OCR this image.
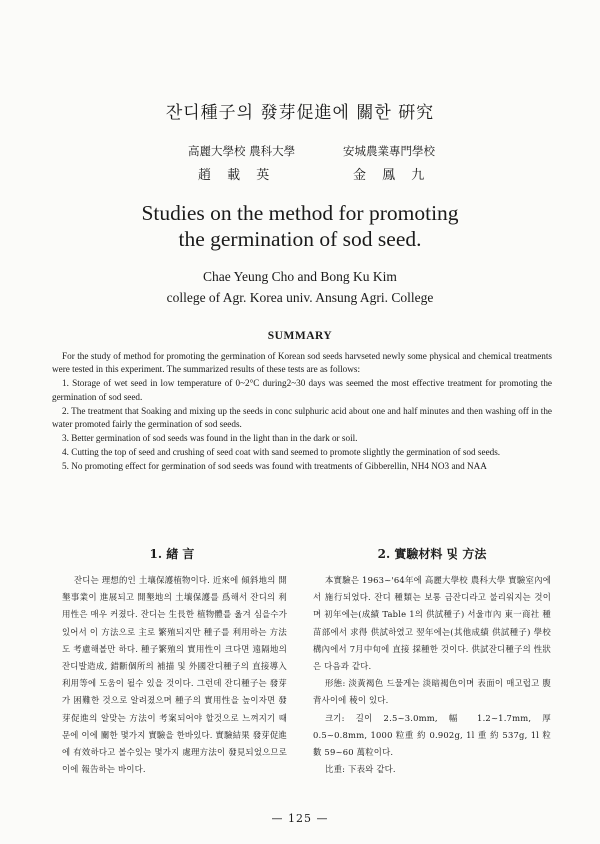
잔디種子의 發芽促進에 關한 硏究
高麗大學校 農科大學
趙 載 英
安城農業專門學校
金 鳳 九
Studies on the method for promoting
the germination of sod seed.
Chae Yeung Cho and Bong Ku Kim
college of Agr. Korea univ. Ansung Agri. College
SUMMARY

For the study of method for promoting the germination of Korean sod seeds harvseted newly some physical and chemical treatments were tested in this experiment. The summarized results of these tests are as follows:

1. Storage of wet seed in low temperature of 0~2°C during2~30 days was seemed the most effective treatment for promoting the germination of sod seed.

2. The treatment that Soaking and mixing up the seeds in conc sulphuric acid about one and half minutes and then washing off in the water promoted fairly the germination of sod seeds.

3. Better germination of sod seeds was found in the light than in the dark or soil.

4. Cutting the top of seed and crushing of seed coat with sand seemed to promote slightly the germination of sod seeds.

5. No promoting effect for germination of sod seeds was found with treatments of Gibberellin, NH4 NO3 and NAA

1. 緖 言	2. 實驗材料 및 方法

잔디는 理想的인 土壤保護植物이다. 近來에 傾斜地의 開墾事業이 進展되고 開墾地의 土壤保護를 爲해서 잔디의 利用性은 매우 커졌다. 잔디는 生長한 植物體를 옮겨 심을수가 있어서 이 方法으로 主로 繁殖되지만 種子를 利用하는 方法도 考慮해볼만 하다. 種子繁殖의 實用性이 크다면 遠隔地의 잔디발造成, 錯斷個所의 補描 및 外國잔디種子의 直接導入 利用等에 도움이 될수 있을 것이다. 그런데 잔디種子는 發芽가 困難한 것으로 알려졌으며 種子의 實用性을 높이자면 發芽促進의 알맞는 方法이 考案되어야 할것으로 느껴지기 때문에 이에 關한 몇가지 實驗을 한바있다. 實驗結果 發芽促進에 有效하다고 볼수있는 몇가지 處理方法이 發見되었으므로 이에 報告하는 바이다.

本實驗은 1963~'64年에 高麗大學校 農科大學 實驗室內에서 施行되었다. 잔디 種類는 보통 금잔디라고 불리워지는 것이며 初年에는(成績 Table 1의 供試種子) 서울市內 東一商社 種苗部에서 求得 供試하였고 翌年에는(其他成績 供試種子) 學校構內에서 7月中旬에 直接 採種한 것이다. 供試잔디種子의 性狀은 다음과 같다.

形態: 淡黃褐色 드물게는 淡暗褐色이며 表面이 매고럽고 腹背사이에 稜이 있다.

크기: 길이 2.5~3.0mm, 幅 1.2~1.7mm, 厚 0.5~0.8mm, 1000 粒重 約 0.902g, 1l 重 約 537g, 1l 粒數 59~60 萬粒이다.

比重: 下表와 같다.

— 125 —
